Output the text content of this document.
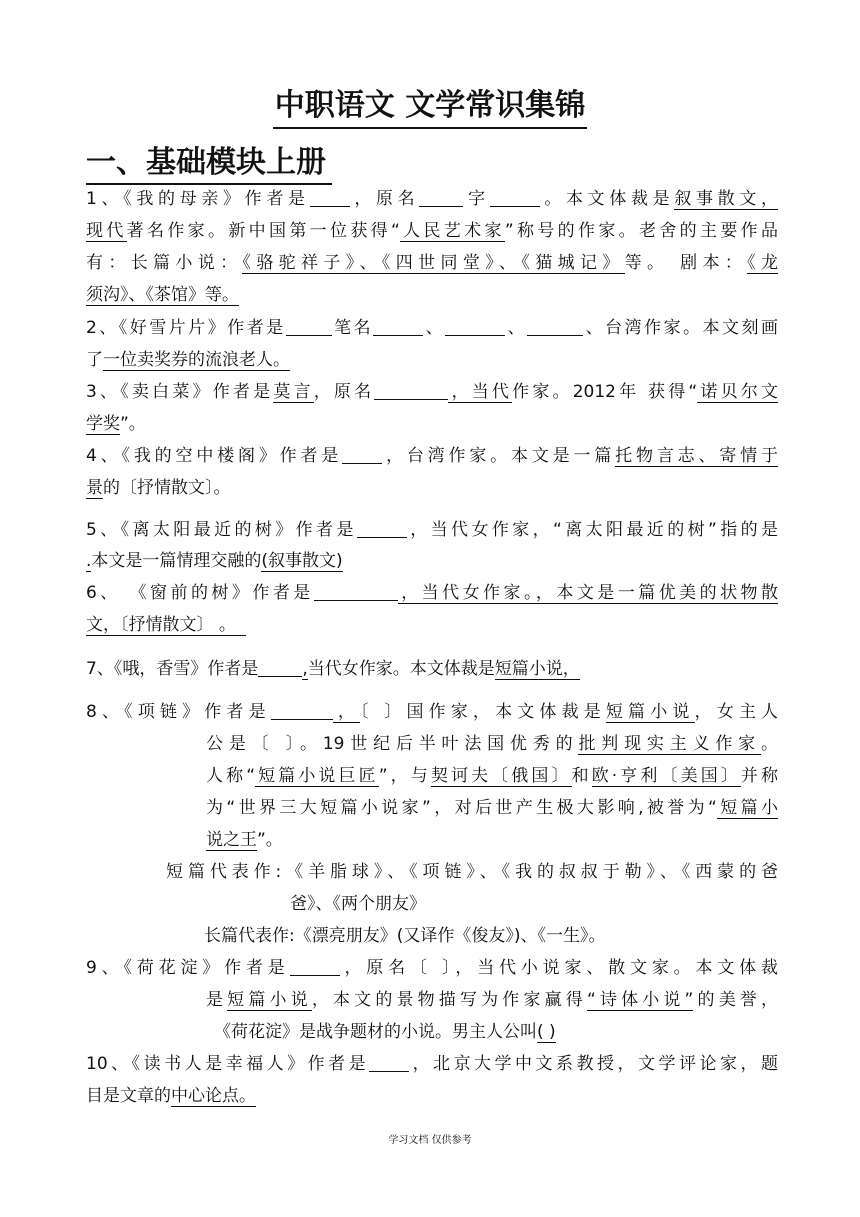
中职语文 文学常识集锦
一、基础模块上册
1、《我的母亲》作者是 ，原名	字	。本文体裁是叙事散文，
现代著名作家。新中国第一位获得“人民艺术家”称号的作家。老舍的主要作品
有：长篇小说：《骆驼祥子》、《四世同堂》、《猫城记》等。 剧本：《龙
须沟》、《茶馆》等。
2、《好雪片片》作者是	笔名	、	、	、台湾作家。本文刻画
了一位卖奖券的流浪老人。
3、《卖白菜》作者是莫言，原名	，当代作家。2012年 获得“诺贝尔文
学奖”。
4、《我的空中楼阁》作者是 ，台湾作家。本文是一篇托物言志、寄情于
景的〔抒情散文〕。
5、《离太阳最近的树》作者是	，当代女作家，“离太阳最近的树”指的是
.本文是一篇情理交融的(叙事散文)
6、 《窗前的树》作者是	，当代女作家。，本文是一篇优美的状物散
文，〔抒情散文〕 。
7、《哦，香雪》作者是	,当代女作家。本文体裁是短篇小说，
8、《项链》作者是	，〔 〕国作家，本文体裁是短篇小说，女主人
公是〔 〕。19世纪后半叶法国优秀的批判现实主义作家。
人称“短篇小说巨匠”，与契诃夫〔俄国〕和欧·亨利〔美国〕并称
为“世界三大短篇小说家”，对后世产生极大影响,被誉为“短篇小
说之王”。
短篇代表作:《羊脂球》、《项链》、《我的叔叔于勒》、《西蒙的爸
爸》、《两个朋友》
长篇代表作:《漂亮朋友》(又译作《俊友》)、《一生》。
9、《荷花淀》作者是	，原名〔 〕，当代小说家、散文家。本文体裁
是短篇小说，本文的景物描写为作家赢得“诗体小说”的美誉，
《荷花淀》是战争题材的小说。男主人公叫( )
10、《读书人是幸福人》作者是 ，北京大学中文系教授，文学评论家，题
目是文章的中心论点。
学习文档 仅供参考
